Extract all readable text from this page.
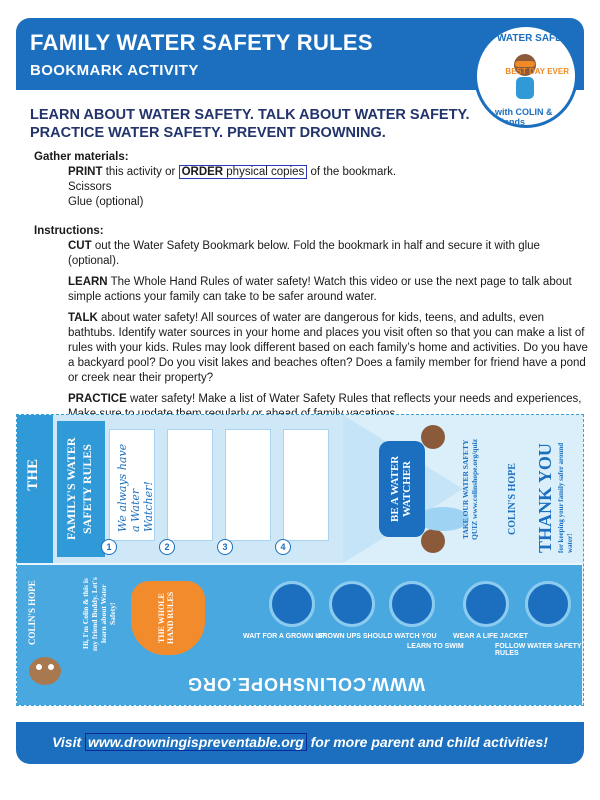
FAMILY WATER SAFETY RULES
BOOKMARK ACTIVITY
WATER SAFETY
BEST DAY EVER
with COLIN & friends
LEARN ABOUT WATER SAFETY. TALK ABOUT WATER SAFETY.
PRACTICE WATER SAFETY. PREVENT DROWNING.
Gather materials:
PRINT this activity or ORDER physical copies of the bookmark.
Scissors
Glue (optional)
Instructions:
CUT out the Water Safety Bookmark below. Fold the bookmark in half and secure it with glue (optional).
LEARN The Whole Hand Rules of water safety! Watch this video or use the next page to talk about simple actions your family can take to be safer around water.
TALK about water safety! All sources of water are dangerous for kids, teens, and adults, even bathtubs. Identify water sources in your home and places you visit often so that you can make a list of rules with your kids. Rules may look different based on each family’s home and activities. Do you have a backyard pool? Do you visit lakes and beaches often? Does a family member for friend have a pond or creek near their property?
PRACTICE water safety! Make a list of Water Safety Rules that reflects your needs and experiences,
THE FAMILY'S WATER SAFETY RULES We always have a Water Watcher!
1	2	3	4
BE A WATER WATCHER	TAKE OUR WATER SAFETY QUIZ www.colinshope.org/quiz	COLIN'S HOPE THANK YOU for keeping your family safer around water!
COLIN'S HOPE	Hi, I'm Colin & this is my friend Buddy. Let's learn about Water Safety!	THE WHOLE HAND RULES	WAIT FOR A GROWN UP
GROWN UPS SHOULD WATCH YOU
LEARN TO SWIM
WEAR A LIFE JACKET
FOLLOW WATER SAFETY RULES
WWW.COLINSHOPE.ORG
Visit www.drowningispreventable.org for more parent and child activities!
